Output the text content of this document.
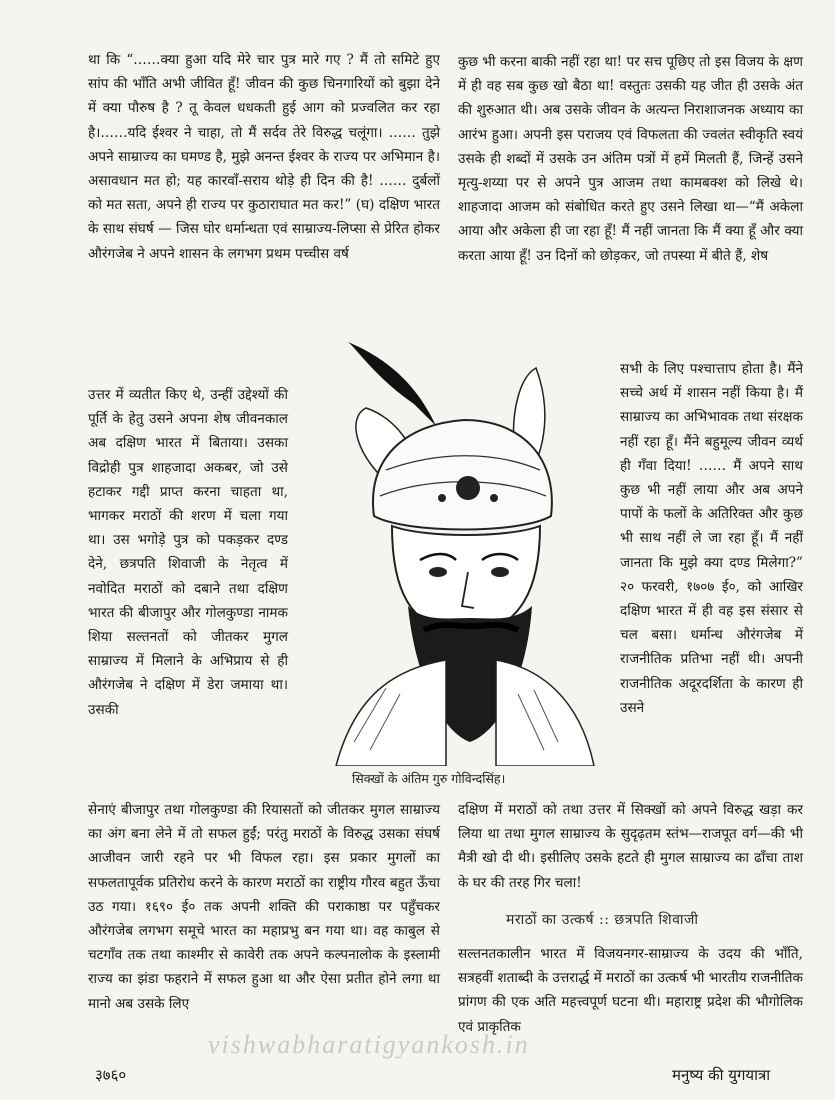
था कि “……क्या हुआ यदि मेरे चार पुत्र मारे गए ? मैं तो समिटे हुए सांप की भाँति अभी जीवित हूँ! जीवन की कुछ चिनगारियों को बुझा देने में क्या पौरुष है ? तू केवल धधकती हुई आग को प्रज्वलित कर रहा है।……यदि ईश्वर ने चाहा, तो मैं सर्दव तेरे विरुद्ध चलूंगा। …… तुझे अपने साम्राज्य का घमण्ड है, मुझे अनन्त ईश्वर के राज्य पर अभिमान है। असावधान मत हो; यह कारवाँ-सराय थोड़े ही दिन की है! …… दुर्बलों को मत सता, अपने ही राज्य पर कुठाराघात मत कर!” (घ) दक्षिण भारत के साथ संघर्ष — जिस घोर धर्मान्धता एवं साम्राज्य-लिप्सा से प्रेरित होकर औरंगजेब ने अपने शासन के लगभग प्रथम पच्चीस वर्ष

कुछ भी करना बाकी नहीं रहा था! पर सच पूछिए तो इस विजय के क्षण में ही वह सब कुछ खो बैठा था! वस्तुतः उसकी यह जीत ही उसके अंत की शुरुआत थी। अब उसके जीवन के अत्यन्त निराशाजनक अध्याय का आरंभ हुआ। अपनी इस पराजय एवं विफलता की ज्वलंत स्वीकृति स्वयं उसके ही शब्दों में उसके उन अंतिम पत्रों में हमें मिलती हैं, जिन्हें उसने मृत्यु-शय्या पर से अपने पुत्र आजम तथा कामबक्श को लिखे थे। शाहजादा आजम को संबोधित करते हुए उसने लिखा था—“मैं अकेला आया और अकेला ही जा रहा हूँ! मैं नहीं जानता कि मैं क्या हूँ और क्या करता आया हूँ! उन दिनों को छोड़कर, जो तपस्या में बीते हैं, शेष

उत्तर में व्यतीत किए थे, उन्हीं उद्देश्यों की पूर्ति के हेतु उसने अपना शेष जीवनकाल अब दक्षिण भारत में बिताया। उसका विद्रोही पुत्र शाहजादा अकबर, जो उसे हटाकर गद्दी प्राप्त करना चाहता था, भागकर मराठों की शरण में चला गया था। उस भगोड़े पुत्र को पकड़कर दण्ड देने, छत्रपति शिवाजी के नेतृत्व में नवोदित मराठों को दबाने तथा दक्षिण भारत की बीजापुर और गोलकुण्डा नामक शिया सल्तनतों को जीतकर मुगल साम्राज्य में मिलाने के अभिप्राय से ही औरंगजेब ने दक्षिण में डेरा जमाया था। उसकी

सभी के लिए पश्चात्ताप होता है। मैंने सच्चे अर्थ में शासन नहीं किया है। मैं साम्राज्य का अभिभावक तथा संरक्षक नहीं रहा हूँ। मैंने बहुमूल्य जीवन व्यर्थ ही गँवा दिया! …… मैं अपने साथ कुछ भी नहीं लाया और अब अपने पापों के फलों के अतिरिक्त और कुछ भी साथ नहीं ले जा रहा हूँ। मैं नहीं जानता कि मुझे क्या दण्ड मिलेगा?” २० फरवरी, १७०७ ई०, को आखिर दक्षिण भारत में ही वह इस संसार से चल बसा। धर्मान्ध औरंगजेब में राजनीतिक प्रतिभा नहीं थी। अपनी राजनीतिक अदूरदर्शिता के कारण ही उसने

सेनाएं बीजापुर तथा गोलकुण्डा की रियासतों को जीतकर मुगल साम्राज्य का अंग बना लेने में तो सफल हुईं; परंतु मराठों के विरुद्ध उसका संघर्ष आजीवन जारी रहने पर भी विफल रहा। इस प्रकार मुगलों का सफलतापूर्वक प्रतिरोध करने के कारण मराठों का राष्ट्रीय गौरव बहुत ऊँचा उठ गया। १६९० ई० तक अपनी शक्ति की पराकाष्ठा पर पहुँचकर औरंगजेब लगभग समूचे भारत का महाप्रभु बन गया था। वह काबुल से चटगाँव तक तथा काश्मीर से कावेरी तक अपने कल्पनालोक के इस्लामी राज्य का झंडा फहराने में सफल हुआ था और ऐसा प्रतीत होने लगा था मानो अब उसके लिए

दक्षिण में मराठों को तथा उत्तर में सिक्खों को अपने विरुद्ध खड़ा कर लिया था तथा मुगल साम्राज्य के सुदृढ़तम स्तंभ—राजपूत वर्ग—की भी मैत्री खो दी थी। इसीलिए उसके हटते ही मुगल साम्राज्य का ढाँचा ताश के घर की तरह गिर चला!

मराठों का उत्कर्ष :: छत्रपति शिवाजी

सल्तनतकालीन भारत में विजयनगर-साम्राज्य के उदय की भाँति, सत्रहवीं शताब्दी के उत्तरार्द्ध में मराठों का उत्कर्ष भी भारतीय राजनीतिक प्रांगण की एक अति महत्त्वपूर्ण घटना थी। महाराष्ट्र प्रदेश की भौगोलिक एवं प्राकृतिक

सिक्खों के अंतिम गुरु गोविन्दसिंह।
vishwabharatigyankosh.in
३७६०	मनुष्य की युगयात्रा
